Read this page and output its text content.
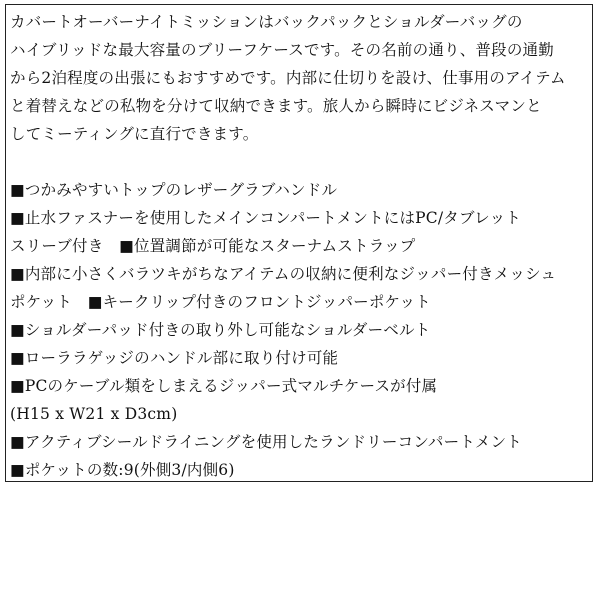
カバートオーバーナイトミッションはバックパックとショルダーバッグの
ハイブリッドな最大容量のブリーフケースです。その名前の通り、普段の通勤
から2泊程度の出張にもおすすめです。内部に仕切りを設け、仕事用のアイテム
と着替えなどの私物を分けて収納できます。旅人から瞬時にビジネスマンと
してミーティングに直行できます。
■つかみやすいトップのレザーグラブハンドル
■止水ファスナーを使用したメインコンパートメントにはPC/タブレット
スリーブ付き　■位置調節が可能なスターナムストラップ
■内部に小さくバラツキがちなアイテムの収納に便利なジッパー付きメッシュ
ポケット　■キークリップ付きのフロントジッパーポケット
■ショルダーパッド付きの取り外し可能なショルダーベルト
■ローララゲッジのハンドル部に取り付け可能
■PCのケーブル類をしまえるジッパー式マルチケースが付属
(H15 x W21 x D3cm)
■アクティブシールドライニングを使用したランドリーコンパートメント
■ポケットの数:9(外側3/内側6)
